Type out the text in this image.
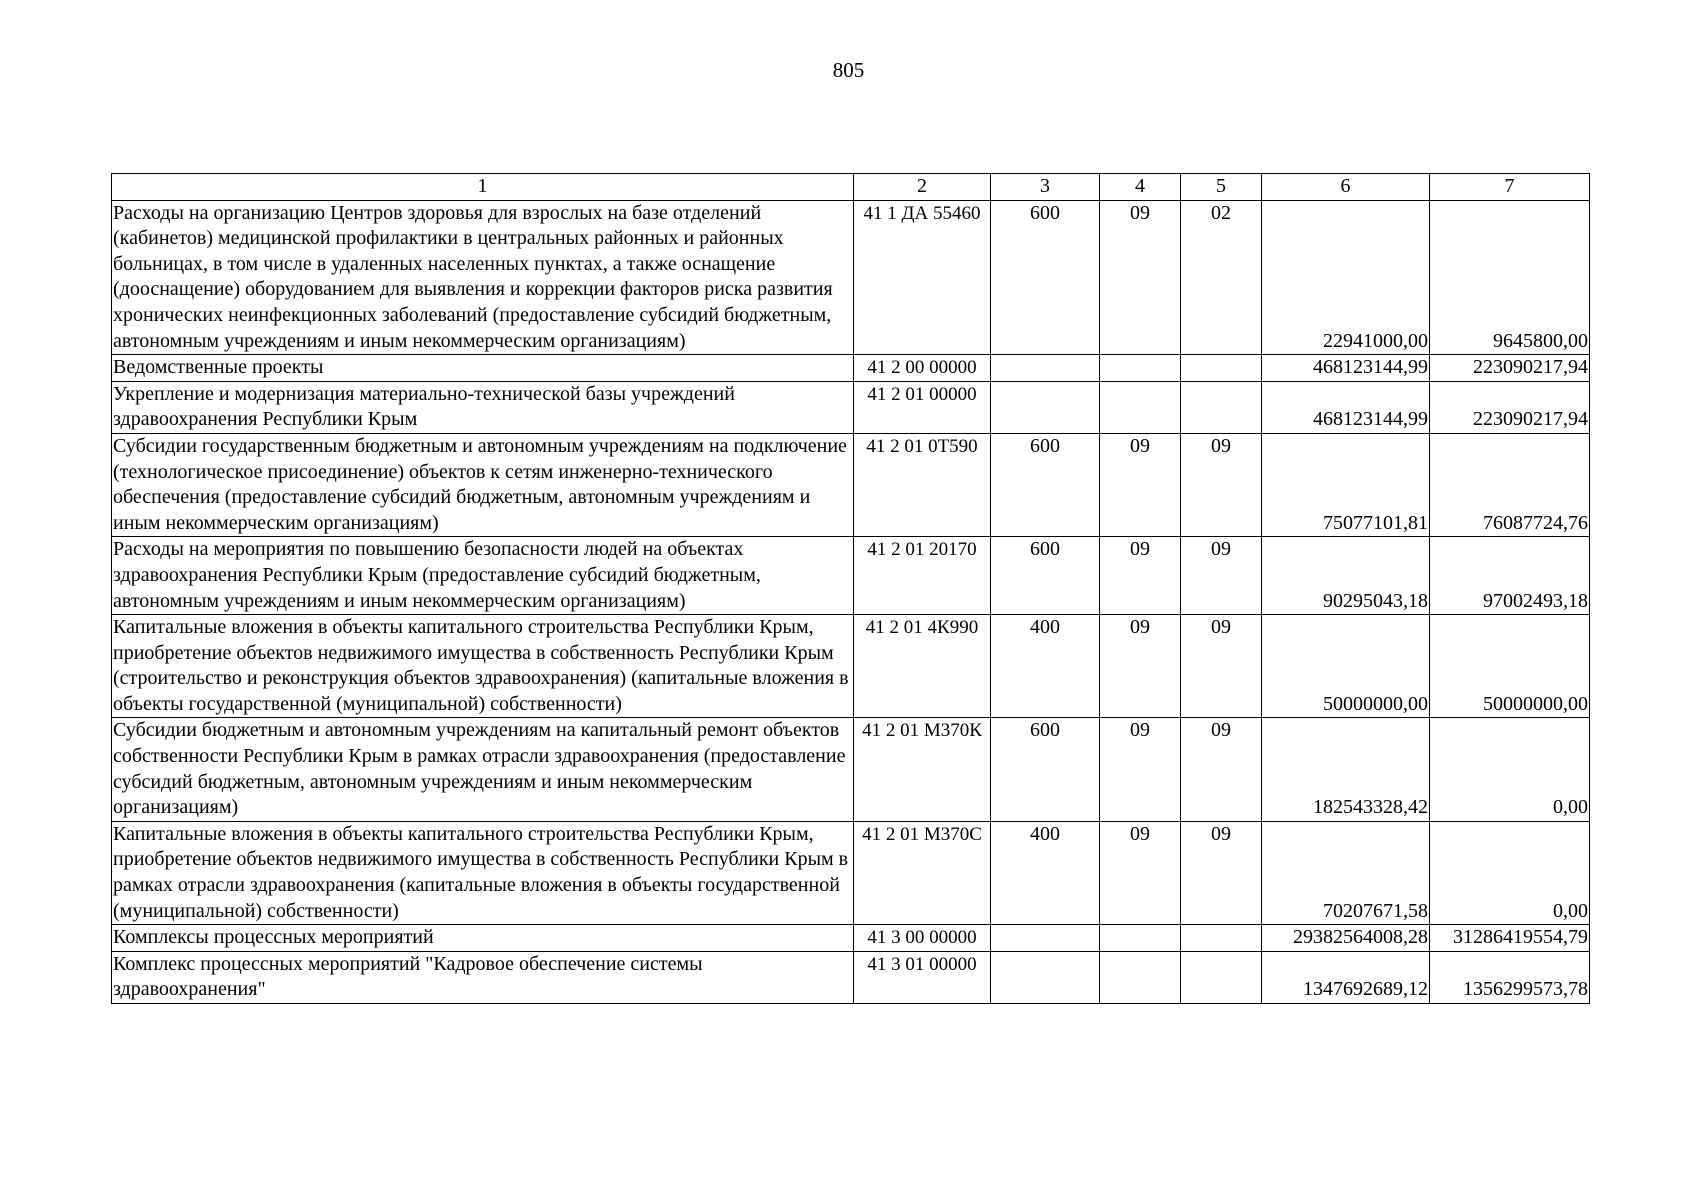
805
1	2	3	4	5	6	7
Расходы на организацию Центров здоровья для взрослых на базе отделений (кабинетов) медицинской профилактики в центральных районных и районных больницах, в том числе в удаленных населенных пунктах, а также оснащение (дооснащение) оборудованием для выявления и коррекции факторов риска развития хронических неинфекционных заболеваний (предоставление субсидий бюджетным, автономным учреждениям и иным некоммерческим организациям)	41 1 ДА 55460	600	09	02	22941000,00	9645800,00
Ведомственные проекты	41 2 00 00000				468123144,99	223090217,94
Укрепление и модернизация материально-технической базы учреждений здравоохранения Республики Крым	41 2 01 00000				468123144,99	223090217,94
Субсидии государственным бюджетным и автономным учреждениям на подключение (технологическое присоединение) объектов к сетям инженерно-технического обеспечения (предоставление субсидий бюджетным, автономным учреждениям и иным некоммерческим организациям)	41 2 01 0Т590	600	09	09	75077101,81	76087724,76
Расходы на мероприятия по повышению безопасности людей на объектах здравоохранения Республики Крым (предоставление субсидий бюджетным, автономным учреждениям и иным некоммерческим организациям)	41 2 01 20170	600	09	09	90295043,18	97002493,18
Капитальные вложения в объекты капитального строительства Республики Крым, приобретение объектов недвижимого имущества в собственность Республики Крым (строительство и реконструкция объектов здравоохранения) (капитальные вложения в объекты государственной (муниципальной) собственности)	41 2 01 4К990	400	09	09	50000000,00	50000000,00
Субсидии бюджетным и автономным учреждениям на капитальный ремонт объектов собственности Республики Крым в рамках отрасли здравоохранения (предоставление субсидий бюджетным, автономным учреждениям и иным некоммерческим организациям)	41 2 01 М370К	600	09	09	182543328,42	0,00
Капитальные вложения в объекты капитального строительства Республики Крым, приобретение объектов недвижимого имущества в собственность Республики Крым в рамках отрасли здравоохранения (капитальные вложения в объекты государственной (муниципальной) собственности)	41 2 01 М370С	400	09	09	70207671,58	0,00
Комплексы процессных мероприятий	41 3 00 00000				29382564008,28	31286419554,79
Комплекс процессных мероприятий "Кадровое обеспечение системы здравоохранения"	41 3 01 00000				1347692689,12	1356299573,78
